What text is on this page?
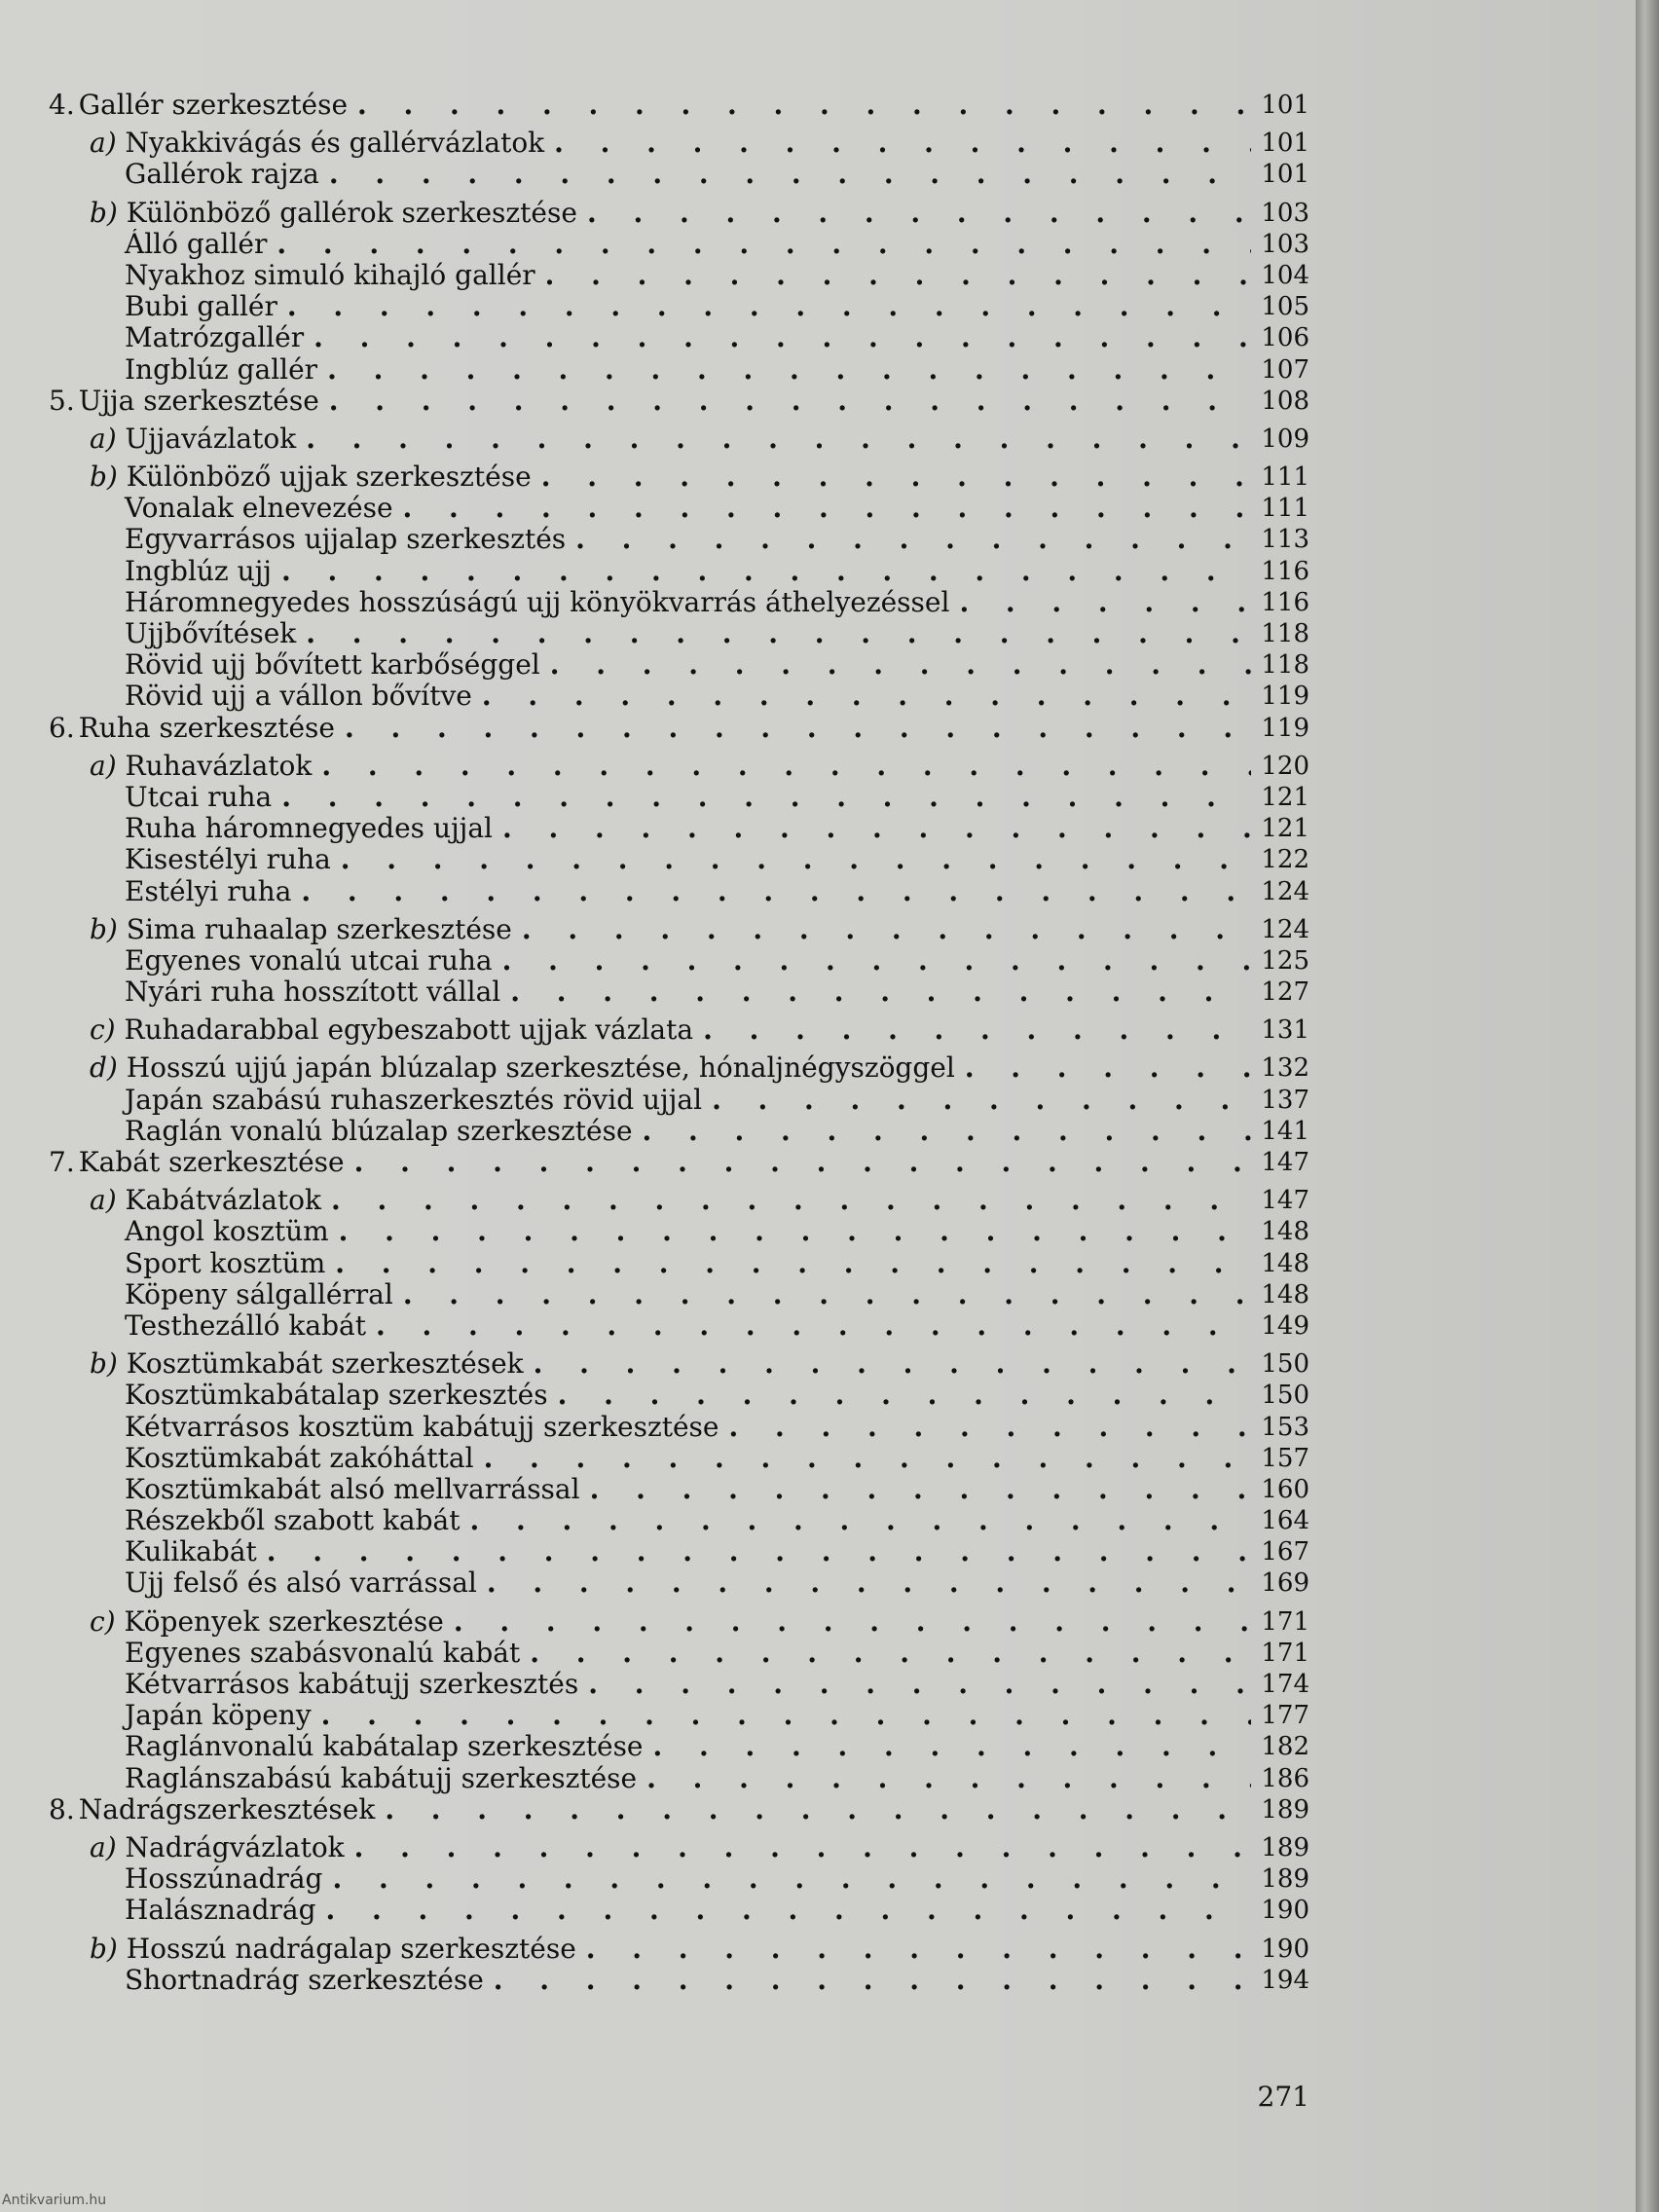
4. Gallér szerkesztése . . .	101
a) Nyakkivágás és gallérvázlatok . . .	101
Gallérok rajza . . .	101
b) Különböző gallérok szerkesztése . . .	103
Álló gallér . . .	103
Nyakhoz simuló kihajló gallér . . .	104
Bubi gallér . . .	105
Matrózgallér . . .	106
Ingblúz gallér . . .	107
5. Ujja szerkesztése . . .	108
a) Ujjavázlatok . . .	109
b) Különböző ujjak szerkesztése . . .	111
Vonalak elnevezése . . .	111
Egyvarrásos ujjalap szerkesztés . . .	113
Ingblúz ujj . . .	116
Háromnegyedes hosszúságú ujj könyökvarrás áthelyezéssel . . .	116
Ujjbővítések . . .	118
Rövid ujj bővített karbőséggel . . .	118
Rövid ujj a vállon bővítve . . .	119
6. Ruha szerkesztése . . .	119
a) Ruhavázlatok . . .	120
Utcai ruha . . .	121
Ruha háromnegyedes ujjal . . .	121
Kisestélyi ruha . . .	122
Estélyi ruha . . .	124
b) Sima ruhaalap szerkesztése . . .	124
Egyenes vonalú utcai ruha . . .	125
Nyári ruha hosszított vállal . . .	127
c) Ruhadarabbal egybeszabott ujjak vázlata . . .	131
d) Hosszú ujjú japán blúzalap szerkesztése, hónaljnégyszöggel . . .	132
Japán szabású ruhaszerkesztés rövid ujjal . . .	137
Raglán vonalú blúzalap szerkesztése . . .	141
7. Kabát szerkesztése . . .	147
a) Kabátvázlatok . . .	147
Angol kosztüm . . .	148
Sport kosztüm . . .	148
Köpeny sálgallérral . . .	148
Testhezálló kabát . . .	149
b) Kosztümkabát szerkesztések . . .	150
Kosztümkabátalap szerkesztés . . .	150
Kétvarrásos kosztüm kabátujj szerkesztése . . .	153
Kosztümkabát zakóháttal . . .	157
Kosztümkabát alsó mellvarrással . . .	160
Részekből szabott kabát . . .	164
Kulikabát . . .	167
Ujj felső és alsó varrással . . .	169
c) Köpenyek szerkesztése . . .	171
Egyenes szabásvonalú kabát . . .	171
Kétvarrásos kabátujj szerkesztés . . .	174
Japán köpeny . . .	177
Raglánvonalú kabátalap szerkesztése . . .	182
Raglánszabású kabátujj szerkesztése . . .	186
8. Nadrágszerkesztések . . .	189
a) Nadrágvázlatok . . .	189
Hosszúnadrág . . .	189
Halásznadrág . . .	190
b) Hosszú nadrágalap szerkesztése . . .	190
Shortnadrág szerkesztése . . .	194
271
Antikvarium.hu
